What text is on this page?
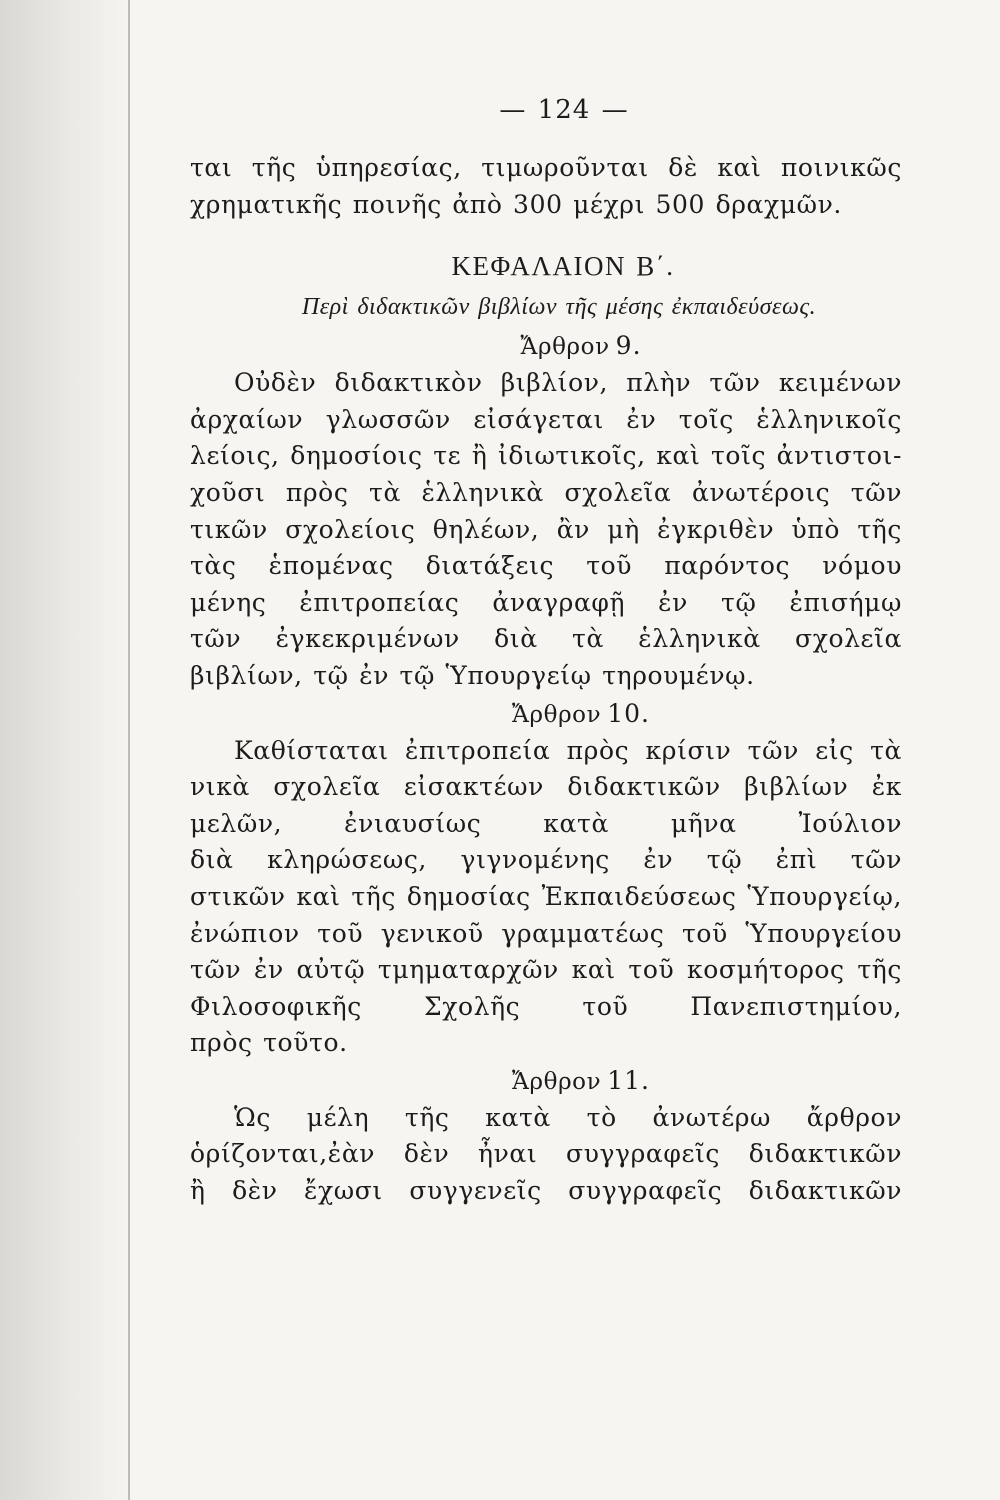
— 124 —
ται τῆς ὑπηρεσίας, τιμωροῦνται δὲ καὶ ποινικῶς
χρηματικῆς ποινῆς ἀπὸ 300 μέχρι 500 δραχμῶν.
ΚΕΦΑΛΑΙΟΝ Β΄.
Περὶ διδακτικῶν βιβλίων τῆς μέσης ἐκπαιδεύσεως.
Ἄρθρον 9.
Οὐδὲν διδακτικὸν βιβλίον, πλὴν τῶν κειμένων
ἀρχαίων γλωσσῶν εἰσάγεται ἐν τοῖς ἑλληνικοῖς
λείοις, δημοσίοις τε ἢ ἰδιωτικοῖς, καὶ τοῖς ἀντιστοι-
χοῦσι πρὸς τὰ ἑλληνικὰ σχολεῖα ἀνωτέροις τῶν
τικῶν σχολείοις θηλέων, ἂν μὴ ἐγκριθὲν ὑπὸ τῆς
τὰς ἑπομένας διατάξεις τοῦ παρόντος νόμου
μένης ἐπιτροπείας ἀναγραφῇ ἐν τῷ ἐπισήμῳ
τῶν ἐγκεκριμένων διὰ τὰ ἑλληνικὰ σχολεῖα
βιβλίων, τῷ ἐν τῷ Ὑπουργείῳ τηρουμένῳ.
Ἄρθρον 10.
Καθίσταται ἐπιτροπεία πρὸς κρίσιν τῶν εἰς τὰ
νικὰ σχολεῖα εἰσακτέων διδακτικῶν βιβλίων ἐκ
μελῶν, ἐνιαυσίως κατὰ μῆνα Ἰούλιον
διὰ κληρώσεως, γιγνομένης ἐν τῷ ἐπὶ τῶν
στικῶν καὶ τῆς δημοσίας Ἐκπαιδεύσεως Ὑπουργείῳ,
ἐνώπιον τοῦ γενικοῦ γραμματέως τοῦ Ὑπουργείου
τῶν ἐν αὐτῷ τμηματαρχῶν καὶ τοῦ κοσμήτορος τῆς
Φιλοσοφικῆς Σχολῆς τοῦ Πανεπιστημίου,
πρὸς τοῦτο.
Ἄρθρον 11.
Ὡς μέλη τῆς κατὰ τὸ ἀνωτέρω ἄρθρον
ὁρίζονται,ἐὰν δὲν ἦναι συγγραφεῖς διδακτικῶν
ἢ δὲν ἔχωσι συγγενεῖς συγγραφεῖς διδακτικῶν
